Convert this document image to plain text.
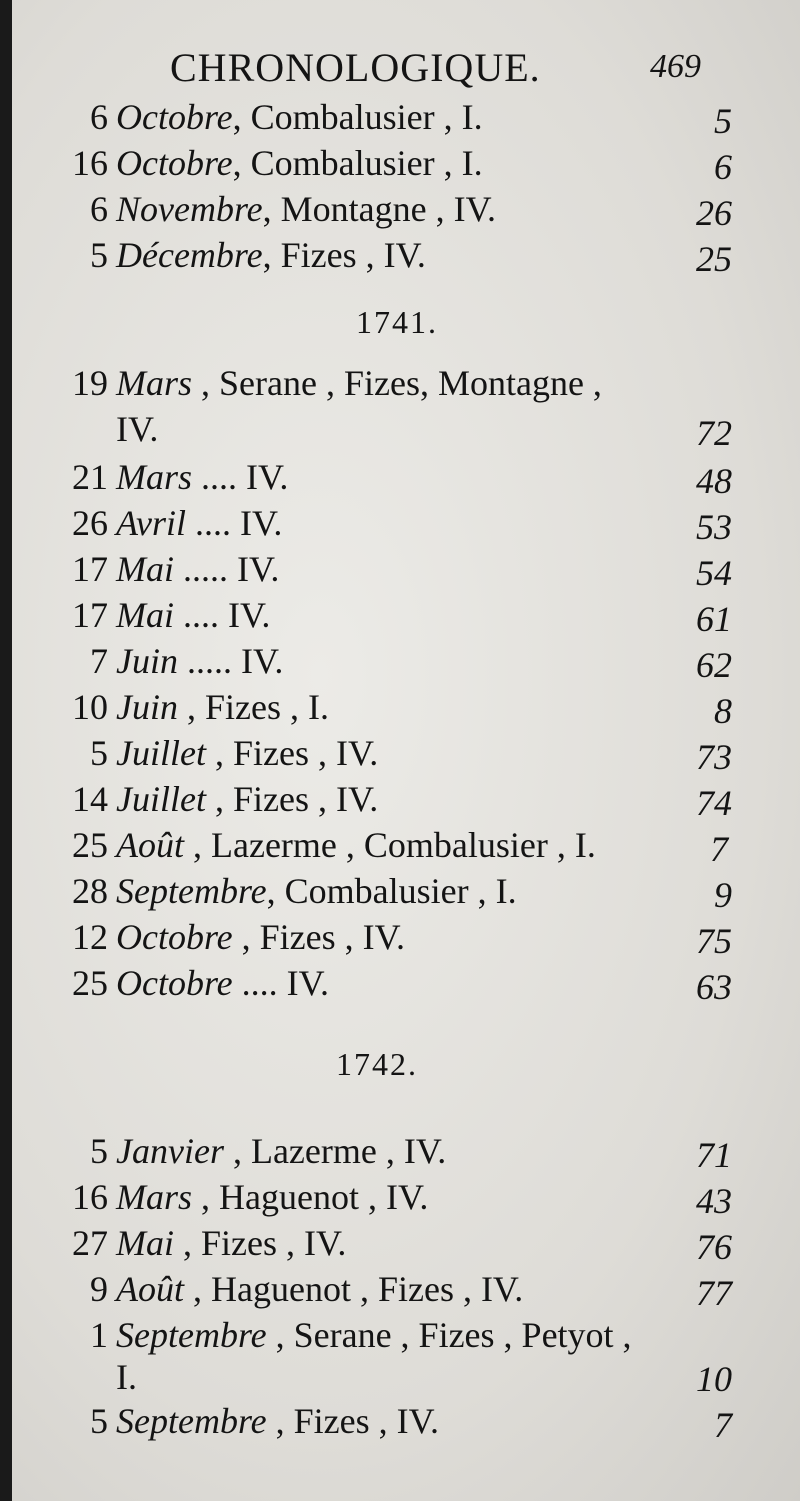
CHRONOLOGIQUE.	469
6 Octobre, Combalusier , I.	5
16 Octobre, Combalusier , I.	6
6 Novembre, Montagne , IV.	26
5 Décembre, Fizes , IV.	25
1741.
19 Mars , Serane , Fizes, Montagne ,
IV.	72
21 Mars .... IV.	48
26 Avril .... IV.	53
17 Mai ..... IV.	54
17 Mai .... IV.	61
7 Juin ..... IV.	62
10 Juin , Fizes , I.	8
5 Juillet , Fizes , IV.	73
14 Juillet , Fizes , IV.	74
25 Août , Lazerme , Combalusier , I.	7
28 Septembre, Combalusier , I.	9
12 Octobre , Fizes , IV.	75
25 Octobre .... IV.	63
1742.
5 Janvier , Lazerme , IV.	71
16 Mars , Haguenot , IV.	43
27 Mai , Fizes , IV.	76
9 Août , Haguenot , Fizes , IV.	77
1 Septembre , Serane , Fizes , Petyot ,
I.	10
5 Septembre , Fizes , IV.	7
